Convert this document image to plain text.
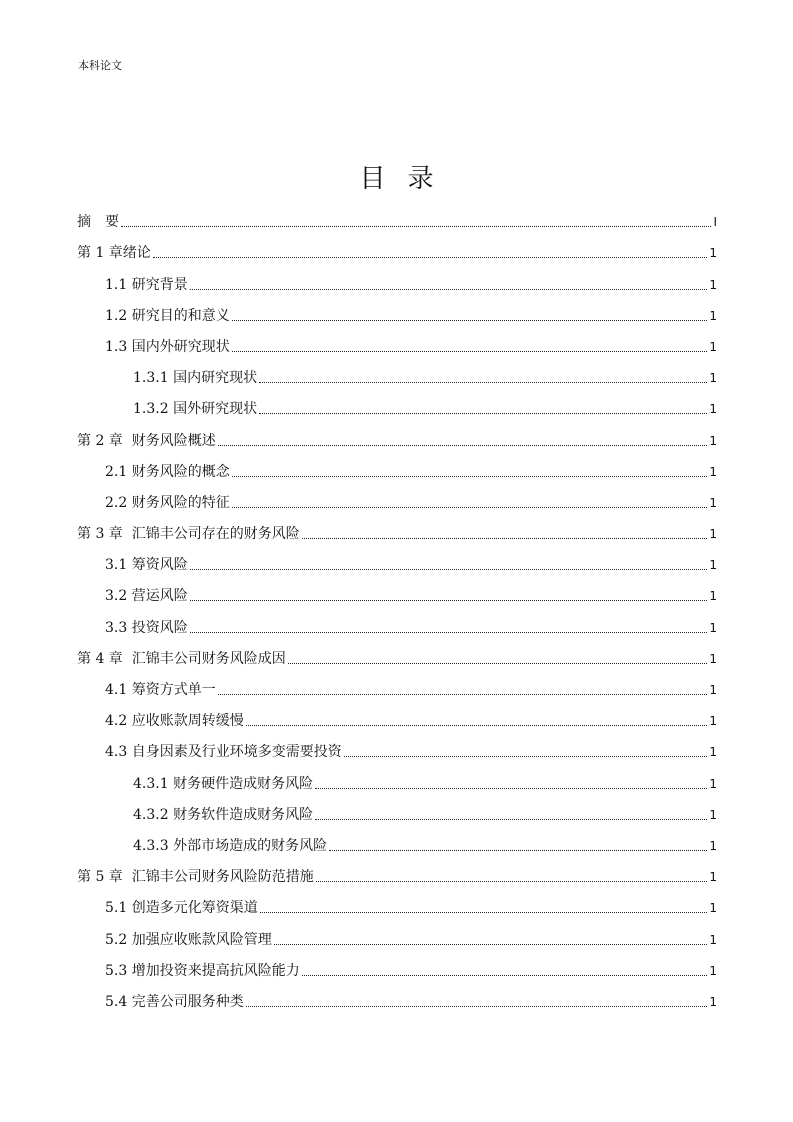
本科论文
目录
摘　要	I
第 1 章绪论	1
1.1 研究背景	1
1.2 研究目的和意义	1
1.3 国内外研究现状	1
1.3.1 国内研究现状	1
1.3.2 国外研究现状	1
第 2 章  财务风险概述	1
2.1 财务风险的概念	1
2.2 财务风险的特征	1
第 3 章  汇锦丰公司存在的财务风险	1
3.1 筹资风险	1
3.2 营运风险	1
3.3 投资风险	1
第 4 章  汇锦丰公司财务风险成因	1
4.1 筹资方式单一	1
4.2 应收账款周转缓慢	1
4.3 自身因素及行业环境多变需要投资	1
4.3.1 财务硬件造成财务风险	1
4.3.2 财务软件造成财务风险	1
4.3.3 外部市场造成的财务风险	1
第 5 章  汇锦丰公司财务风险防范措施	1
5.1 创造多元化筹资渠道	1
5.2 加强应收账款风险管理	1
5.3 增加投资来提高抗风险能力	1
5.4 完善公司服务种类	1
